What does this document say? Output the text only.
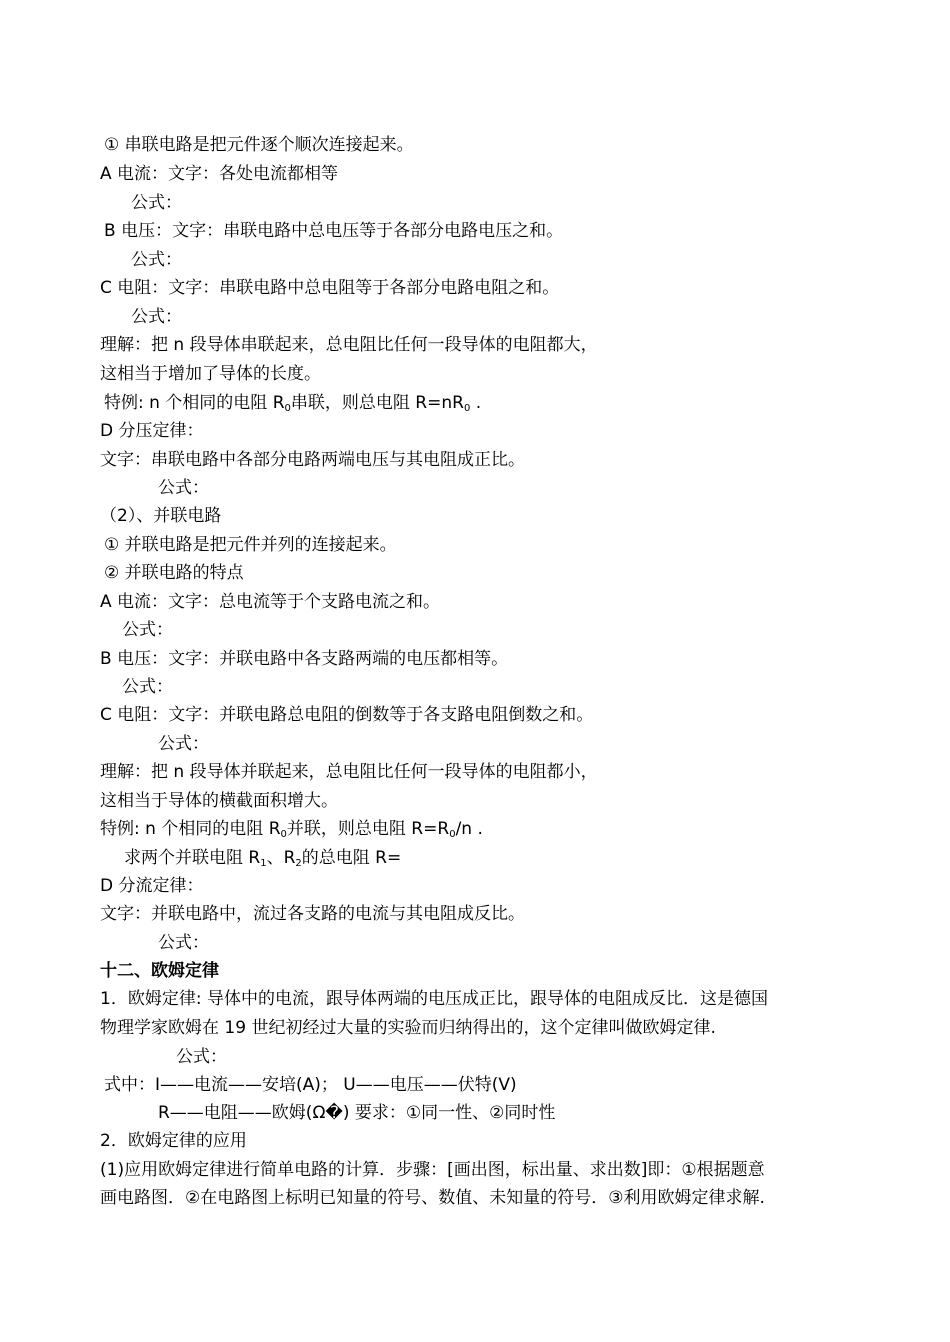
① 串联电路是把元件逐个顺次连接起来。
A 电流：文字：各处电流都相等
公式：
B 电压：文字：串联电路中总电压等于各部分电路电压之和。
公式：
C 电阻：文字：串联电路中总电阻等于各部分电路电阻之和。
公式：
理解：把 n 段导体串联起来，总电阻比任何一段导体的电阻都大，
这相当于增加了导体的长度。
特例: n 个相同的电阻 $R_0$串联，则总电阻 $R=nR_0$ .
D 分压定律：
文字：串联电路中各部分电路两端电压与其电阻成正比。
公式：
（2）、并联电路
① 并联电路是把元件并列的连接起来。
② 并联电路的特点
A 电流：文字：总电流等于个支路电流之和。
公式：
B 电压：文字：并联电路中各支路两端的电压都相等。
公式：
C 电阻：文字：并联电路总电阻的倒数等于各支路电阻倒数之和。
公式：
理解：把 n 段导体并联起来，总电阻比任何一段导体的电阻都小，
这相当于导体的横截面积增大。
特例: n 个相同的电阻 $R_0$并联，则总电阻 $R=R_0/n$ .
求两个并联电阻 $R_1$、$R_2$的总电阻 R=
D 分流定律：
文字：并联电路中，流过各支路的电流与其电阻成反比。
公式：
十二、欧姆定律
1．欧姆定律: 导体中的电流，跟导体两端的电压成正比，跟导体的电阻成反比．这是德国
物理学家欧姆在 19 世纪初经过大量的实验而归纳得出的，这个定律叫做欧姆定律.
公式：
式中：I——电流——安培(A)； U——电压——伏特(V)
R——电阻——欧姆(Ω�) 要求：①同一性、②同时性
2．欧姆定律的应用
(1)应用欧姆定律进行简单电路的计算．步骤：[画出图，标出量、求出数]即：①根据题意
画电路图．②在电路图上标明已知量的符号、数值、未知量的符号．③利用欧姆定律求解.
